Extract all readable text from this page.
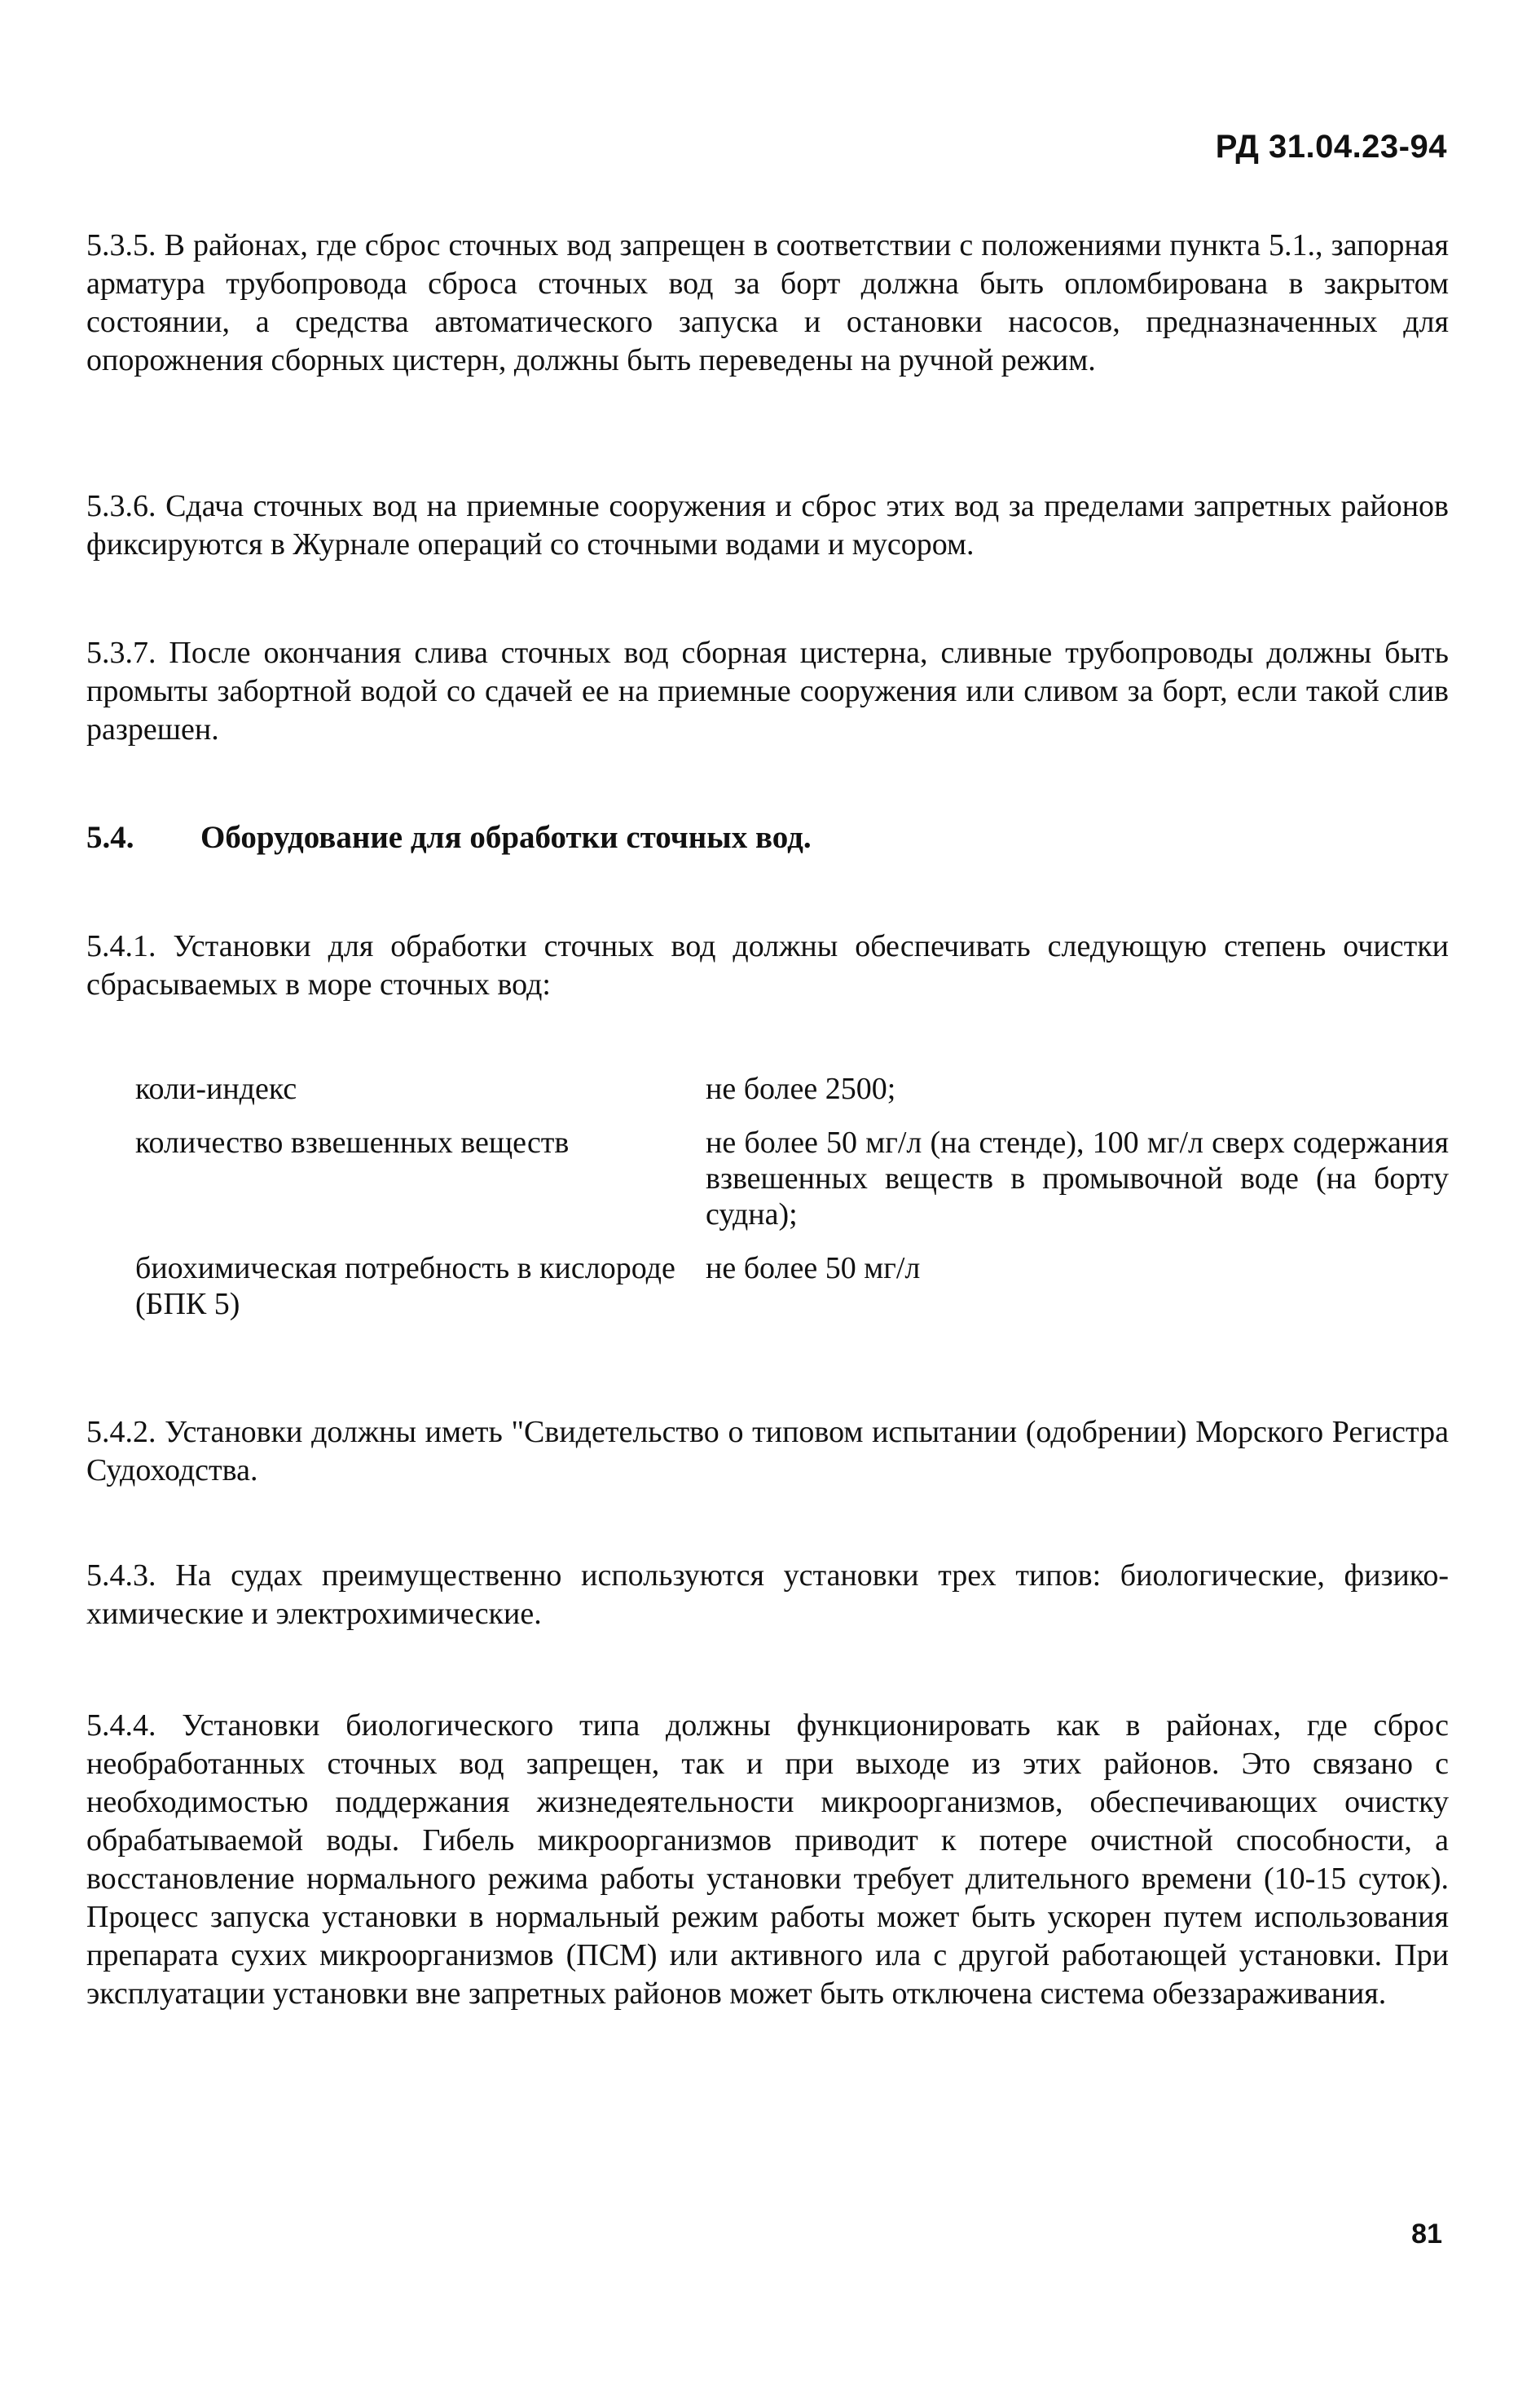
РД 31.04.23-94

5.3.5. В районах, где сброс сточных вод запрещен в соответствии с положениями пункта 5.1., запорная арматура трубопровода сброса сточных вод за борт должна быть опломбирована в закрытом состоянии, а средства автоматического запуска и остановки насосов, предназначенных для опорожнения сборных цистерн, должны быть переведены на ручной режим.

5.3.6. Сдача сточных вод на приемные сооружения и сброс этих вод за пределами запретных районов фиксируются в Журнале операций со сточными водами и мусором.

5.3.7. После окончания слива сточных вод сборная цистерна, сливные трубопроводы должны быть промыты забортной водой со сдачей ее на приемные сооружения или сливом за борт, если такой слив разрешен.

5.4. Оборудование для обработки сточных вод.

5.4.1. Установки для обработки сточных вод должны обеспечивать следующую степень очистки сбрасываемых в море сточных вод:

коли-индекс	не более 2500;
количество взвешенных веществ	не более 50 мг/л (на стенде), 100 мг/л сверх содержания взвешенных веществ в промывочной воде (на борту судна);
биохимическая потребность в кислороде (БПК 5)
не более 50 мг/л

5.4.2. Установки должны иметь "Свидетельство о типовом испытании (одобрении) Морского Регистра Судоходства.

5.4.3. На судах преимущественно используются установки трех типов: биологические, физико-химические и электрохимические.

5.4.4. Установки биологического типа должны функционировать как в районах, где сброс необработанных сточных вод запрещен, так и при выходе из этих районов. Это связано с необходимостью поддержания жизнедеятельности микроорганизмов, обеспечивающих очистку обрабатываемой воды. Гибель микроорганизмов приводит к потере очистной способности, а восстановление нормального режима работы установки требует длительного времени (10-15 суток). Процесс запуска установки в нормальный режим работы может быть ускорен путем использования препарата сухих микроорганизмов (ПСМ) или активного ила с другой работающей установки. При эксплуатации установки вне запретных районов может быть отключена система обеззараживания.

81
